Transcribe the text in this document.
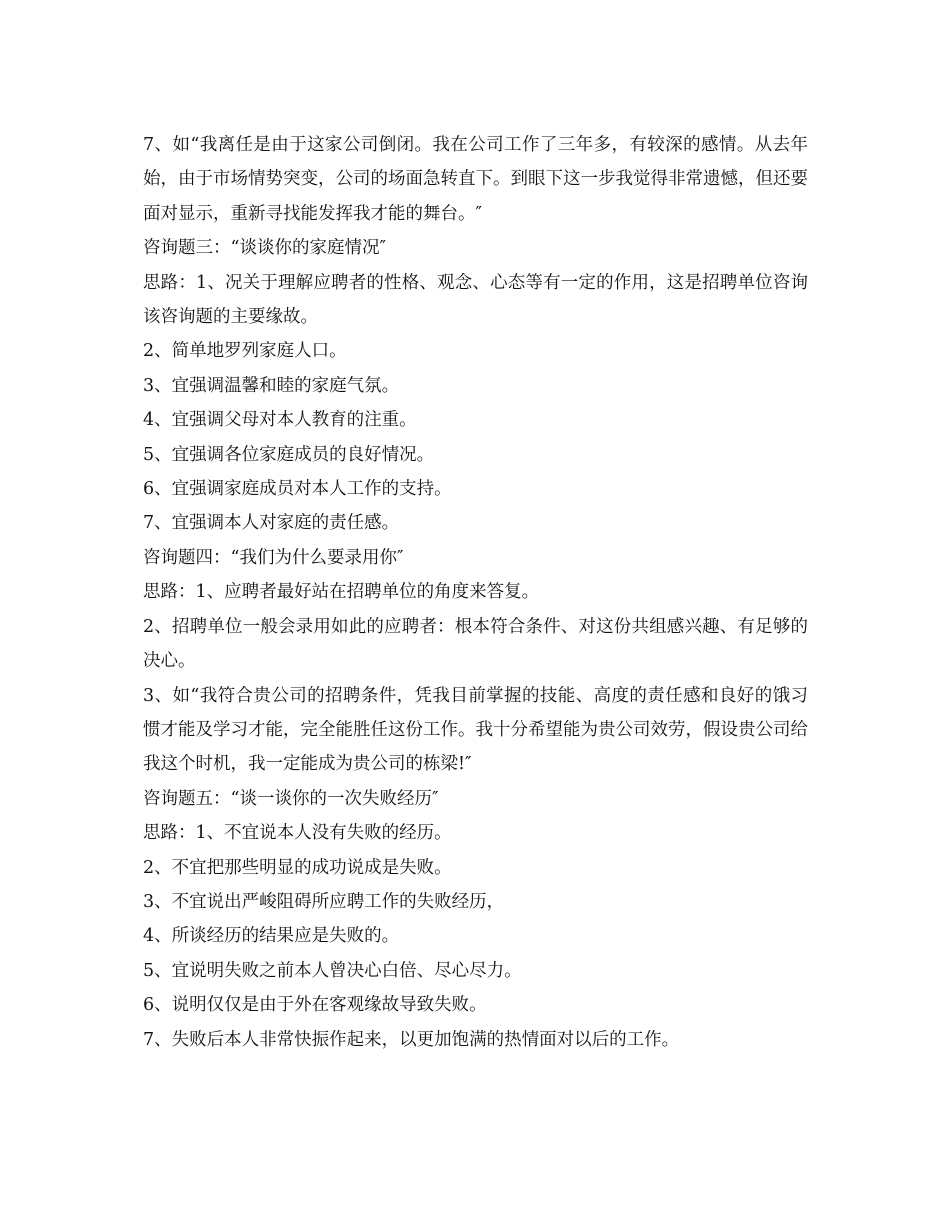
7、如“我离任是由于这家公司倒闭。我在公司工作了三年多，有较深的感情。从去年始，由于市场情势突变，公司的场面急转直下。到眼下这一步我觉得非常遗憾，但还要面对显示，重新寻找能发挥我才能的舞台。″

咨询题三：“谈谈你的家庭情况″

思路：1、况关于理解应聘者的性格、观念、心态等有一定的作用，这是招聘单位咨询该咨询题的主要缘故。

2、简单地罗列家庭人口。

3、宜强调温馨和睦的家庭气氛。

4、宜强调父母对本人教育的注重。

5、宜强调各位家庭成员的良好情况。

6、宜强调家庭成员对本人工作的支持。

7、宜强调本人对家庭的责任感。

咨询题四：“我们为什么要录用你″

思路：1、应聘者最好站在招聘单位的角度来答复。

2、招聘单位一般会录用如此的应聘者：根本符合条件、对这份共组感兴趣、有足够的决心。

3、如“我符合贵公司的招聘条件，凭我目前掌握的技能、高度的责任感和良好的饿习惯才能及学习才能，完全能胜任这份工作。我十分希望能为贵公司效劳，假设贵公司给我这个时机，我一定能成为贵公司的栋梁!″

咨询题五：“谈一谈你的一次失败经历″

思路：1、不宜说本人没有失败的经历。

2、不宜把那些明显的成功说成是失败。

3、不宜说出严峻阻碍所应聘工作的失败经历，

4、所谈经历的结果应是失败的。

5、宜说明失败之前本人曾决心白倍、尽心尽力。

6、说明仅仅是由于外在客观缘故导致失败。

7、失败后本人非常快振作起来，以更加饱满的热情面对以后的工作。
